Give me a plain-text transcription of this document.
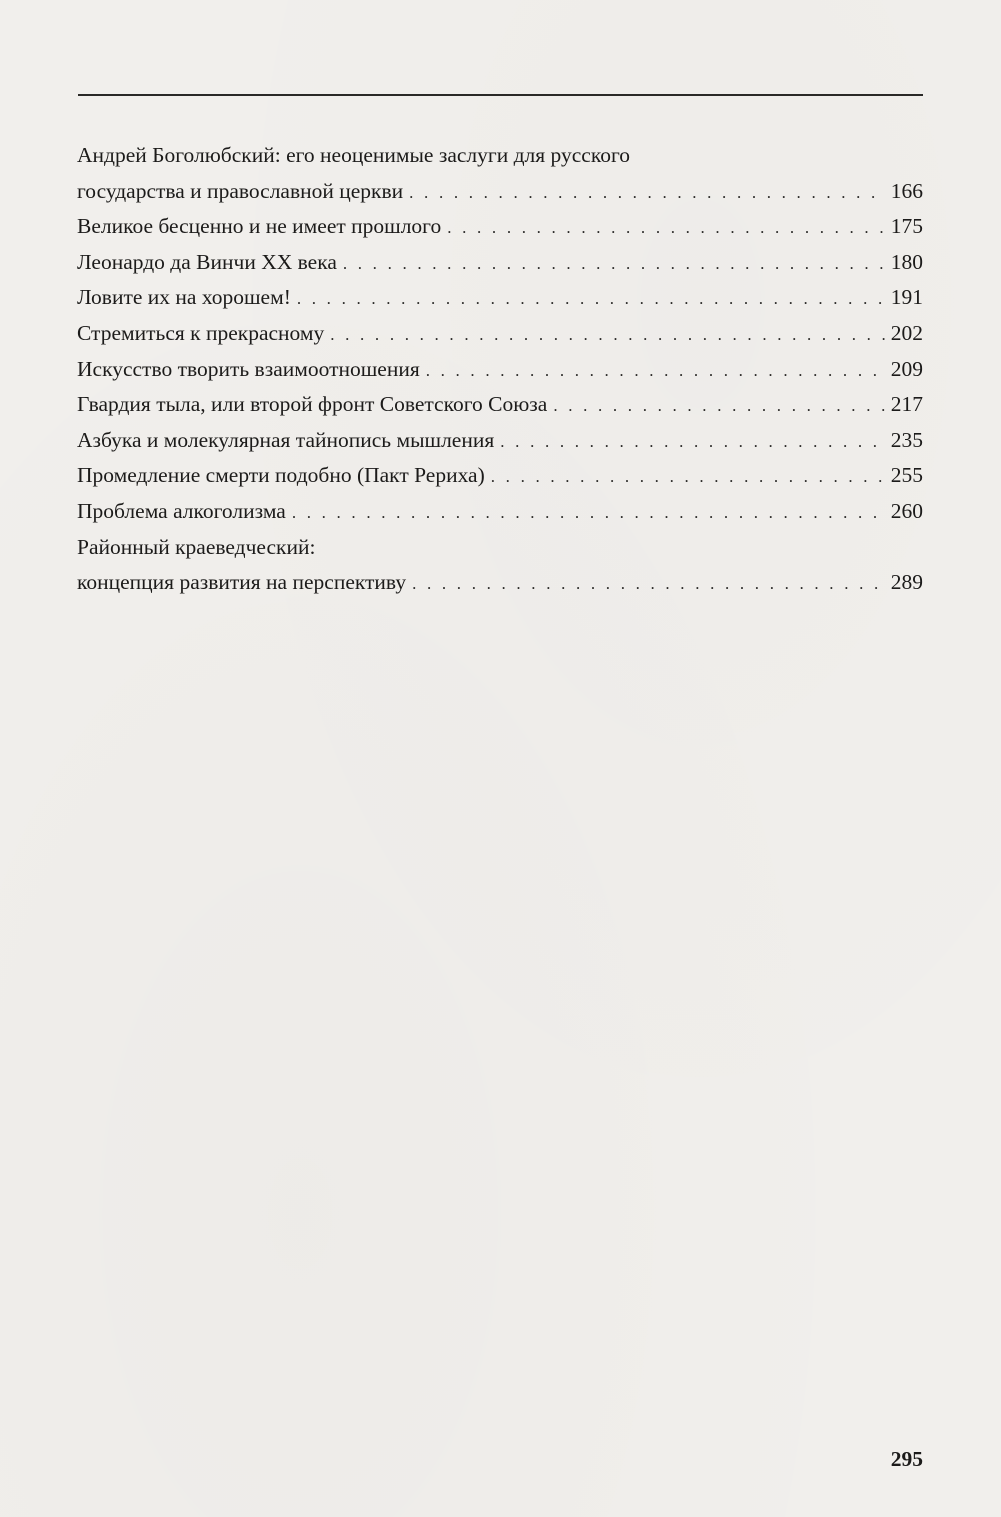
Андрей Боголюбский: его неоценимые заслуги для русского
государства и православной церкви . . .	166
Великое бесценно и не имеет прошлого . . .	175
Леонардо да Винчи XX века . . .	180
Ловите их на хорошем! . . .	191
Стремиться к прекрасному . . .	202
Искусство творить взаимоотношения . . .	209
Гвардия тыла, или второй фронт Советского Союза . . .	217
Азбука и молекулярная тайнопись мышления . . .	235
Промедление смерти подобно (Пакт Рериха) . . .	255
Проблема алкоголизма . . .	260
Районный краеведческий:
концепция развития на перспективу . . .	289
295
